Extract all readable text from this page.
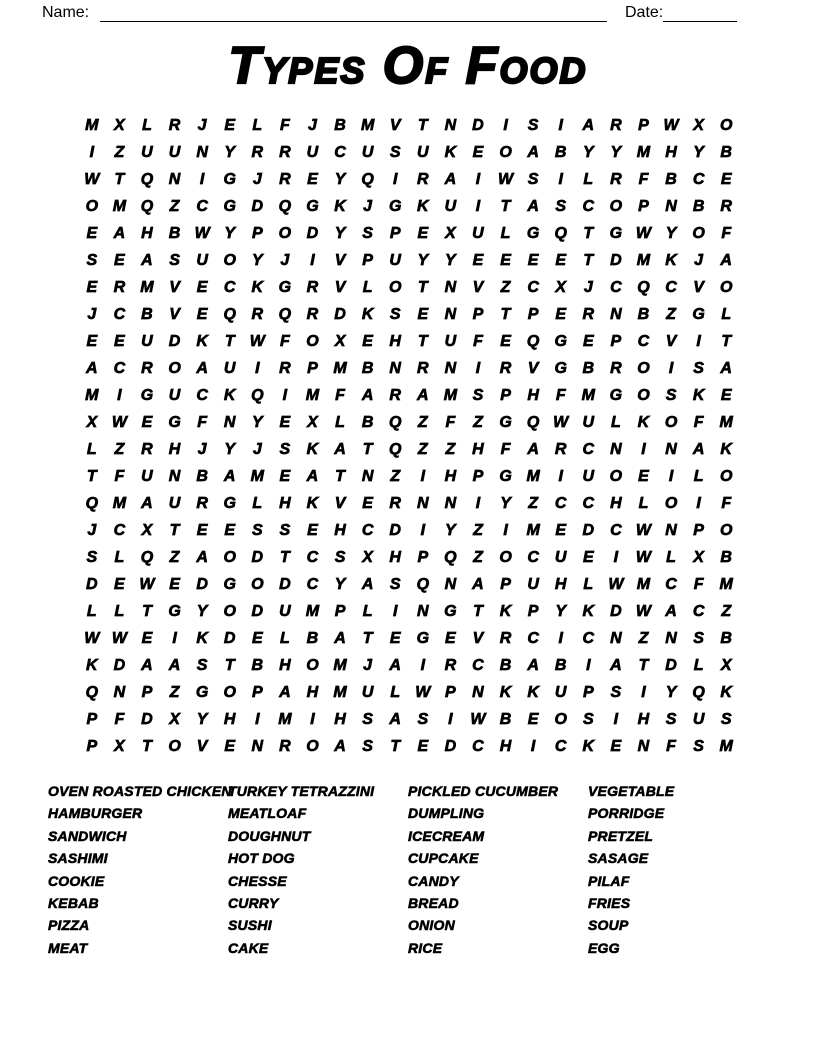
Name:	Date:
Types Of Food
M X	L	R	J	E	L	F	J	B M V	T	N	D	I	S	I	A	R	P W X	O
I	Z	U	U	N	Y	R	R	U	C	U	S	U	K	E	O A	B	Y	Y M H	Y	B
W T	Q N	I	G	J	R	E	Y	Q	I	R	A	I	W S	I	L	R	F	B	C	E
O M Q	Z	C G D Q G K	J	G K	U	I	T	A	S	C O	P	N	B	R
E	A	H	B W Y	P	O D	Y	S	P	E	X	U	L	G Q	T	G W Y	O	F
S	E	A	S	U O	Y	J	I	V	P	U	Y	Y	E	E	E	E	T	D M K	J	A
E	R M V	E	C	K G R	V	L	O	T	N	V	Z	C	X	J	C Q C	V	O
J	C	B	V	E	Q R Q R	D	K	S	E	N	P	T	P	E	R	N	B	Z	G	L
E	E	U	D	K	T W F	O	X	E	H	T	U	F	E	Q G	E	P	C	V	I	T
A	C	R O A	U	I	R	P M B	N	R	N	I	R	V	G B	R O	I	S	A
M	I	G U	C	K Q	I	M	F	A	R	A M S	P	H	F	M G O	S	K	E
X W E	G	F	N	Y	E	X	L	B Q	Z	F	Z	G Q W U	L	K O	F	M
L	Z	R	H	J	Y	J	S	K	A	T	Q	Z	Z	H	F	A	R	C	N	I	N	A	K
T	F	U	N	B	A M E	A	T	N	Z	I	H	P	G M	I	U O	E	I	L	O
Q M A	U	R G	L	H	K	V	E	R	N	N	I	Y	Z	C	C	H	L	O	I	F
J	C	X	T	E	E	S	S	E	H	C	D	I	Y	Z	I	M E	D	C W N	P	O
S	L	Q	Z	A O D	T	C	S	X	H	P	Q	Z	O C	U	E	I	W L	X	B
D	E W E	D G O D	C	Y	A	S	Q N	A	P	U	H	L W M C	F	M
L	L	T	G	Y	O D	U M P	L	I	N G	T	K	P	Y	K	D W A	C	Z
W W E	I	K	D	E	L	B	A	T	E	G	E	V	R	C	I	C	N	Z	N	S	B
K	D	A	A	S	T	B	H O M	J	A	I	R	C	B	A	B	I	A	T	D	L	X
Q N	P	Z	G O	P	A	H M U	L W P	N	K	K	U	P	S	I	Y	Q K
P	F	D	X	Y	H	I	M	I	H	S	A	S	I	W B	E	O	S	I	H	S	U	S
P	X	T	O	V	E	N	R O A	S	T	E	D	C	H	I	C	K	E	N	F	S M
OVEN ROASTED CHICKEN
HAMBURGER
SANDWICH
SASHIMI
COOKIE
KEBAB
PIZZA
MEAT
TURKEY TETRAZZINI
MEATLOAF
DOUGHNUT
HOT DOG
CHESSE
CURRY
SUSHI
CAKE
PICKLED CUCUMBER
DUMPLING
ICECREAM
CUPCAKE
CANDY
BREAD
ONION
RICE
VEGETABLE
PORRIDGE
PRETZEL
SASAGE
PILAF
FRIES
SOUP
EGG
